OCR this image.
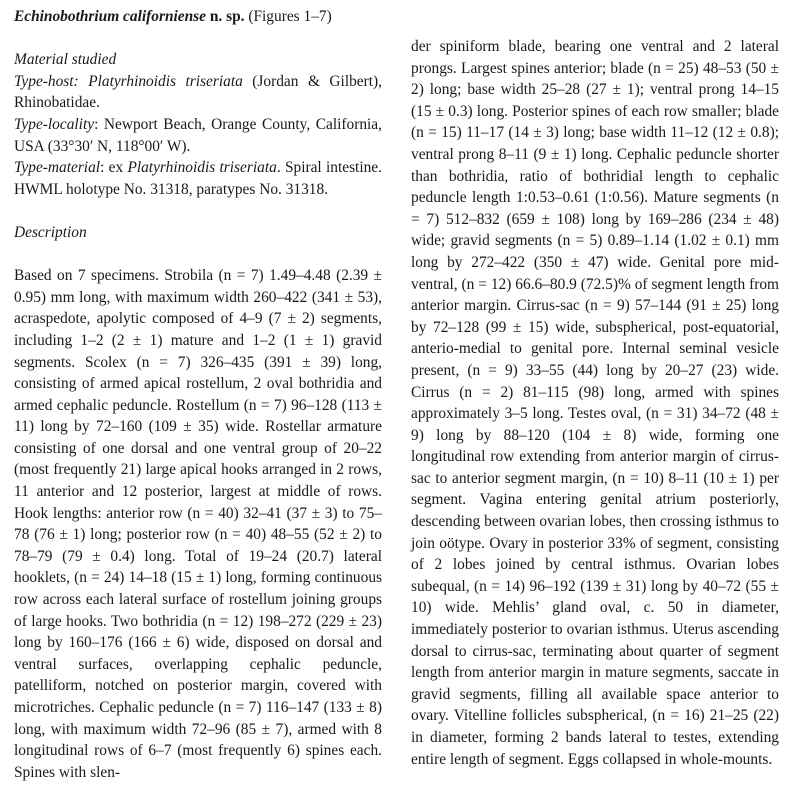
Echinobothrium californiense n. sp. (Figures 1–7)

Material studied

Type-host: Platyrhinoidis triseriata (Jordan & Gilbert), Rhinobatidae.

Type-locality: Newport Beach, Orange County, California, USA (33°30′ N, 118°00′ W).

Type-material: ex Platyrhinoidis triseriata. Spiral intestine. HWML holotype No. 31318, paratypes No. 31318.

Description

Based on 7 specimens. Strobila (n = 7) 1.49–4.48 (2.39 ± 0.95) mm long, with maximum width 260–422 (341 ± 53), acraspedote, apolytic composed of 4–9 (7 ± 2) segments, including 1–2 (2 ± 1) mature and 1–2 (1 ± 1) gravid segments. Scolex (n = 7) 326–435 (391 ± 39) long, consisting of armed apical rostellum, 2 oval bothridia and armed cephalic peduncle. Rostellum (n = 7) 96–128 (113 ± 11) long by 72–160 (109 ± 35) wide. Rostellar armature consisting of one dorsal and one ventral group of 20–22 (most frequently 21) large apical hooks arranged in 2 rows, 11 anterior and 12 posterior, largest at middle of rows. Hook lengths: anterior row (n = 40) 32–41 (37 ± 3) to 75–78 (76 ± 1) long; posterior row (n = 40) 48–55 (52 ± 2) to 78–79 (79 ± 0.4) long. Total of 19–24 (20.7) lateral hooklets, (n = 24) 14–18 (15 ± 1) long, forming continuous row across each lateral surface of rostellum joining groups of large hooks. Two bothridia (n = 12) 198–272 (229 ± 23) long by 160–176 (166 ± 6) wide, disposed on dorsal and ventral surfaces, overlapping cephalic peduncle, patelliform, notched on posterior margin, covered with microtriches. Cephalic peduncle (n = 7) 116–147 (133 ± 8) long, with maximum width 72–96 (85 ± 7), armed with 8 longitudinal rows of 6–7 (most frequently 6) spines each. Spines with slen-

der spiniform blade, bearing one ventral and 2 lateral prongs. Largest spines anterior; blade (n = 25) 48–53 (50 ± 2) long; base width 25–28 (27 ± 1); ventral prong 14–15 (15 ± 0.3) long. Posterior spines of each row smaller; blade (n = 15) 11–17 (14 ± 3) long; base width 11–12 (12 ± 0.8); ventral prong 8–11 (9 ± 1) long. Cephalic peduncle shorter than bothridia, ratio of bothridial length to cephalic peduncle length 1:0.53–0.61 (1:0.56). Mature segments (n = 7) 512–832 (659 ± 108) long by 169–286 (234 ± 48) wide; gravid segments (n = 5) 0.89–1.14 (1.02 ± 0.1) mm long by 272–422 (350 ± 47) wide. Genital pore mid-ventral, (n = 12) 66.6–80.9 (72.5)% of segment length from anterior margin. Cirrus-sac (n = 9) 57–144 (91 ± 25) long by 72–128 (99 ± 15) wide, subspherical, post-equatorial, anterio-medial to genital pore. Internal seminal vesicle present, (n = 9) 33–55 (44) long by 20–27 (23) wide. Cirrus (n = 2) 81–115 (98) long, armed with spines approximately 3–5 long. Testes oval, (n = 31) 34–72 (48 ± 9) long by 88–120 (104 ± 8) wide, forming one longitudinal row extending from anterior margin of cirrus-sac to anterior segment margin, (n = 10) 8–11 (10 ± 1) per segment. Vagina entering genital atrium posteriorly, descending between ovarian lobes, then crossing isthmus to join oötype. Ovary in posterior 33% of segment, consisting of 2 lobes joined by central isthmus. Ovarian lobes subequal, (n = 14) 96–192 (139 ± 31) long by 40–72 (55 ± 10) wide. Mehlis’ gland oval, c. 50 in diameter, immediately posterior to ovarian isthmus. Uterus ascending dorsal to cirrus-sac, terminating about quarter of segment length from anterior margin in mature segments, saccate in gravid segments, filling all available space anterior to ovary. Vitelline follicles subspherical, (n = 16) 21–25 (22) in diameter, forming 2 bands lateral to testes, extending entire length of segment. Eggs collapsed in whole-mounts.
